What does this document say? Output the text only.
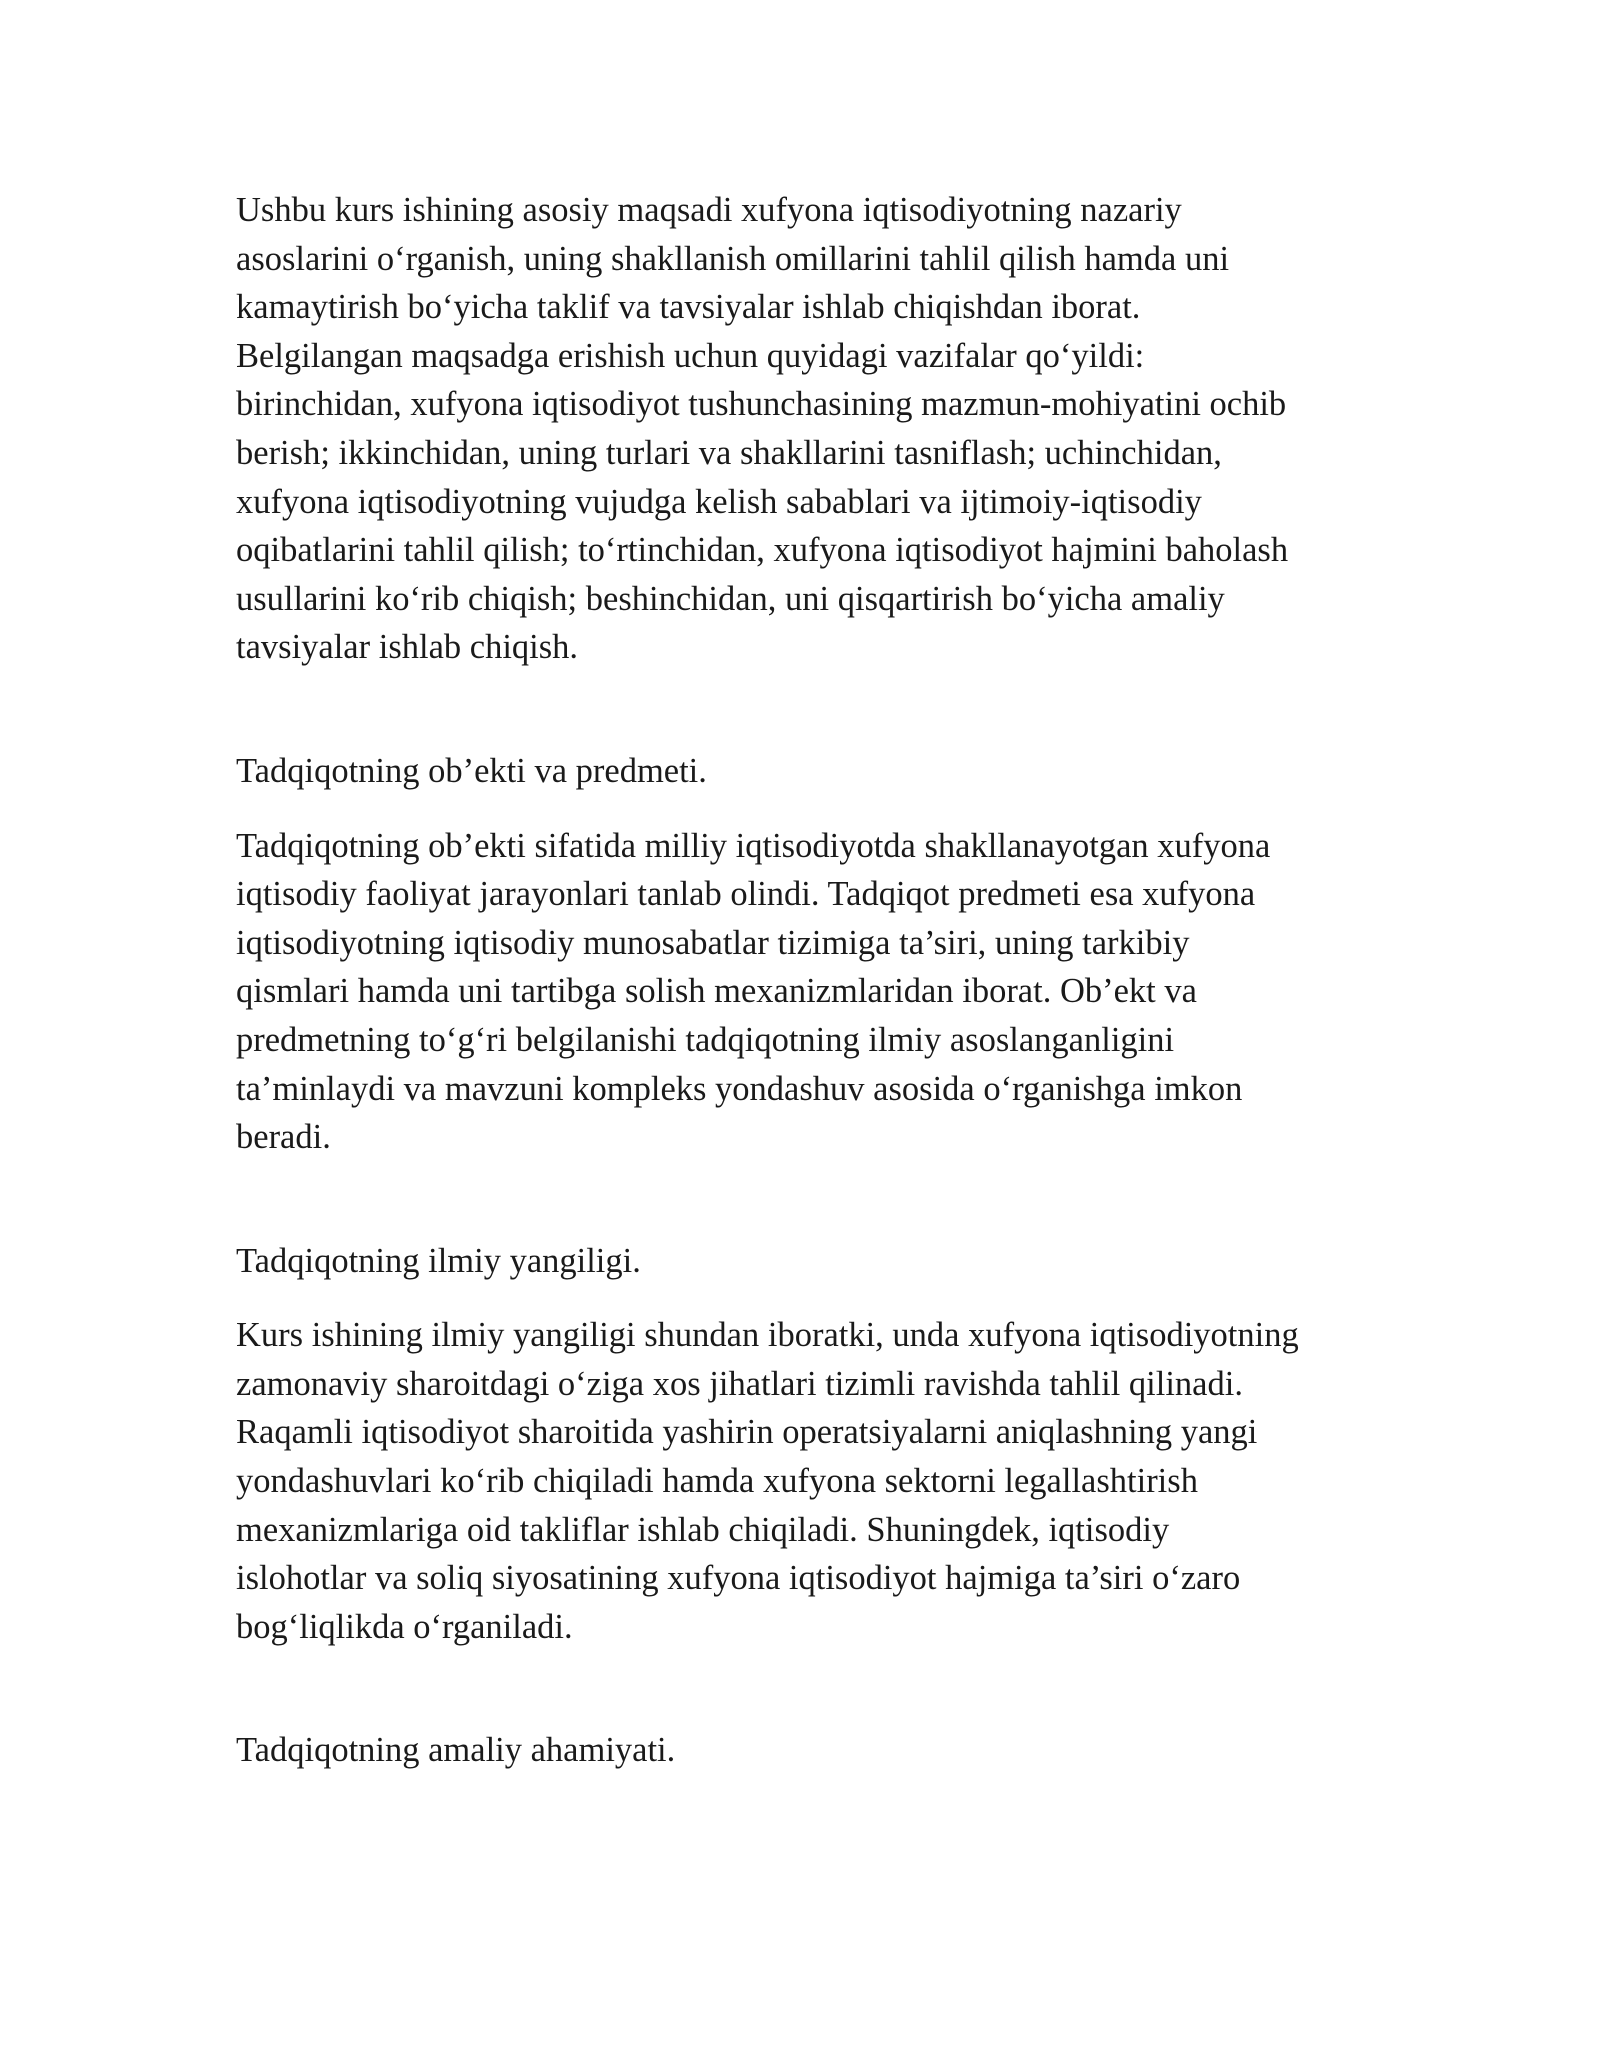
Ushbu kurs ishining asosiy maqsadi xufyona iqtisodiyotning nazariy
asoslarini o‘rganish, uning shakllanish omillarini tahlil qilish hamda uni
kamaytirish bo‘yicha taklif va tavsiyalar ishlab chiqishdan iborat.
Belgilangan maqsadga erishish uchun quyidagi vazifalar qo‘yildi:
birinchidan, xufyona iqtisodiyot tushunchasining mazmun-mohiyatini ochib
berish; ikkinchidan, uning turlari va shakllarini tasniflash; uchinchidan,
xufyona iqtisodiyotning vujudga kelish sabablari va ijtimoiy-iqtisodiy
oqibatlarini tahlil qilish; to‘rtinchidan, xufyona iqtisodiyot hajmini baholash
usullarini ko‘rib chiqish; beshinchidan, uni qisqartirish bo‘yicha amaliy
tavsiyalar ishlab chiqish.

Tadqiqotning ob’ekti va predmeti.

Tadqiqotning ob’ekti sifatida milliy iqtisodiyotda shakllanayotgan xufyona
iqtisodiy faoliyat jarayonlari tanlab olindi. Tadqiqot predmeti esa xufyona
iqtisodiyotning iqtisodiy munosabatlar tizimiga ta’siri, uning tarkibiy
qismlari hamda uni tartibga solish mexanizmlaridan iborat. Ob’ekt va
predmetning to‘g‘ri belgilanishi tadqiqotning ilmiy asoslanganligini
ta’minlaydi va mavzuni kompleks yondashuv asosida o‘rganishga imkon
beradi.

Tadqiqotning ilmiy yangiligi.

Kurs ishining ilmiy yangiligi shundan iboratki, unda xufyona iqtisodiyotning
zamonaviy sharoitdagi o‘ziga xos jihatlari tizimli ravishda tahlil qilinadi.
Raqamli iqtisodiyot sharoitida yashirin operatsiyalarni aniqlashning yangi
yondashuvlari ko‘rib chiqiladi hamda xufyona sektorni legallashtirish
mexanizmlariga oid takliflar ishlab chiqiladi. Shuningdek, iqtisodiy
islohotlar va soliq siyosatining xufyona iqtisodiyot hajmiga ta’siri o‘zaro
bog‘liqlikda o‘rganiladi.

Tadqiqotning amaliy ahamiyati.
